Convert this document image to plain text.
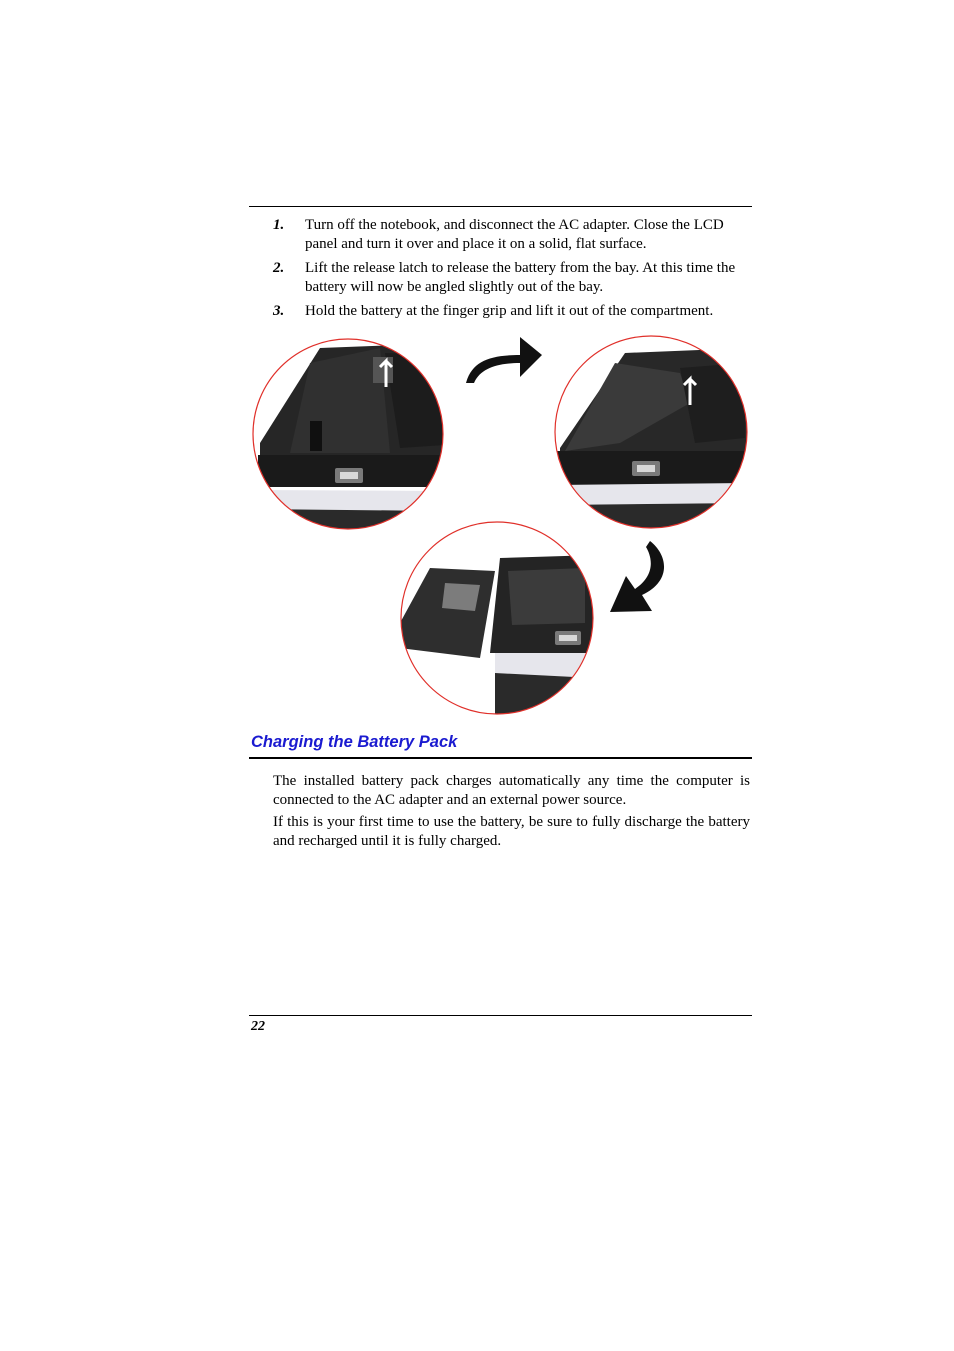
1. Turn off the notebook, and disconnect the AC adapter. Close the LCD panel and turn it over and place it on a solid, flat surface.
2. Lift the release latch to release the battery from the bay. At this time the battery will now be angled slightly out of the bay.
3. Hold the battery at the finger grip and lift it out of the compartment.
Charging the Battery Pack

The installed battery pack charges automatically any time the computer is connected to the AC adapter and an external power source.

If this is your first time to use the battery, be sure to fully discharge the battery and recharged until it is fully charged.

22
